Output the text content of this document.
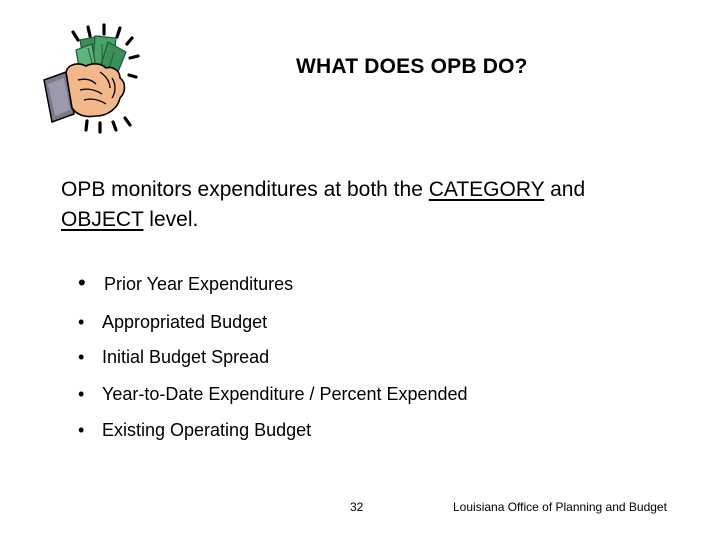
WHAT DOES OPB DO?
OPB monitors expenditures at both the CATEGORY and
OBJECT level.
• Prior Year Expenditures
• Appropriated Budget
• Initial Budget Spread
• Year-to-Date Expenditure / Percent Expended
• Existing Operating Budget
32	Louisiana Office of Planning and Budget
